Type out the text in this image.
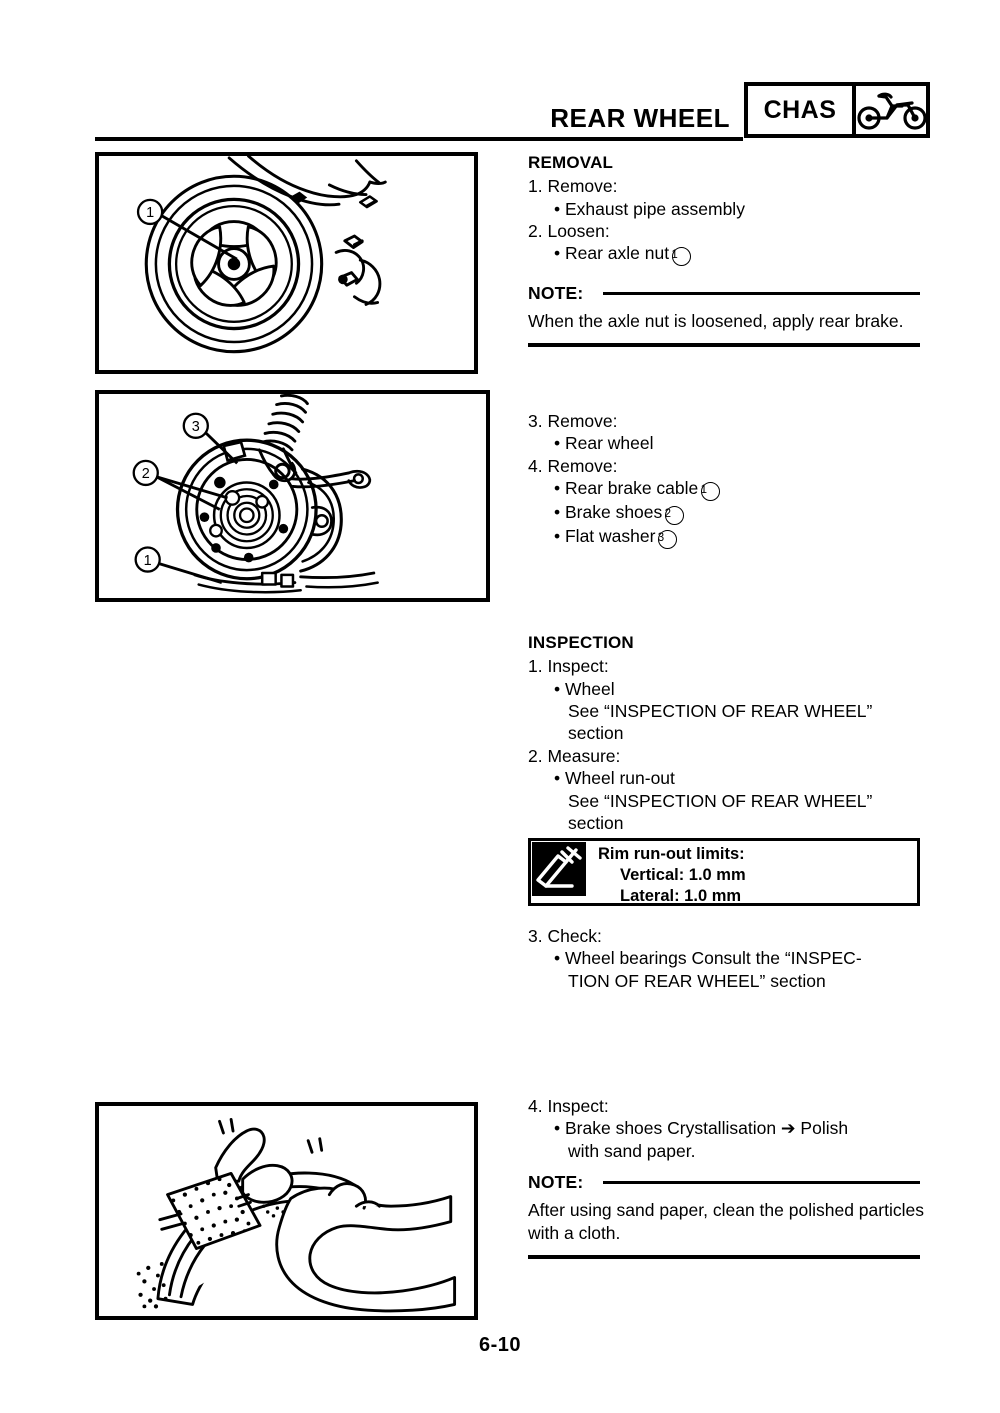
REAR WHEEL	CHAS
1
3
2
1
REMOVAL

1. Remove:

• Exhaust pipe assembly

2. Loosen:

• Rear axle nut 1

NOTE:

When the axle nut is loosened, apply rear brake.

3. Remove:

• Rear wheel

4. Remove:

• Rear brake cable 1

• Brake shoes 2

• Flat washer 3

INSPECTION

1. Inspect:

• Wheel

See “INSPECTION OF REAR WHEEL”

section

2. Measure:

• Wheel run-out

See “INSPECTION OF REAR WHEEL”

section

Rim run-out limits:
Vertical: 1.0 mm
Lateral: 1.0 mm

3. Check:

• Wheel bearings Consult the “INSPEC-

TION OF REAR WHEEL” section

4. Inspect:

• Brake shoes Crystallisation ➔ Polish

with sand paper.

NOTE:

After using sand paper, clean the polished particles with a cloth.

6-10
